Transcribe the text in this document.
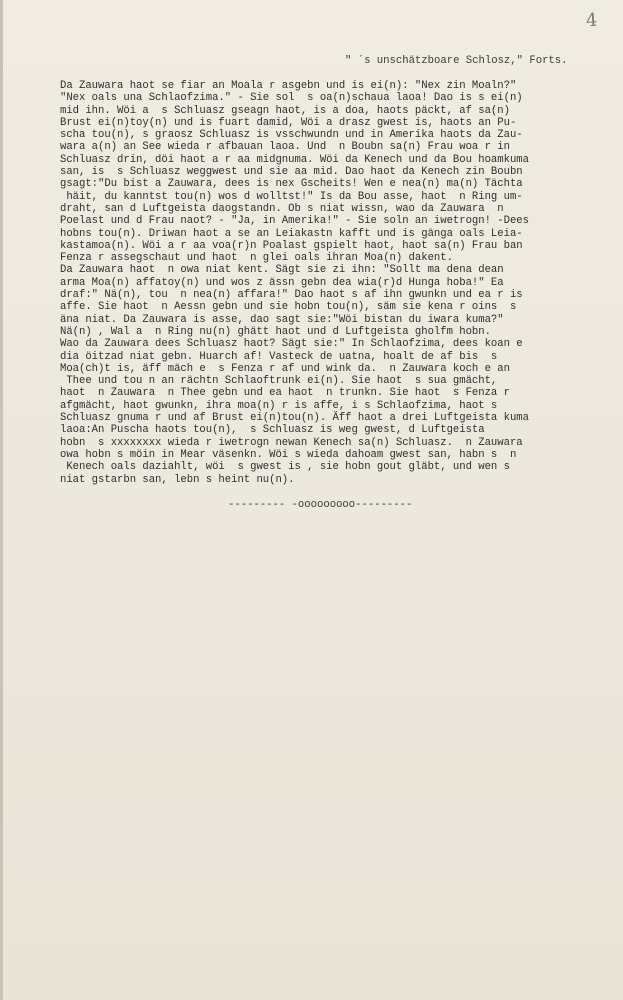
4
" ´s unschätzboare Schlosz," Forts.
Da Zauwara haot se fiar an Moala r asgebn und is ei(n): "Nex zin Moaln?"
"Nex oals una Schlaofzima." - Sie sol  s oa(n)schaua laoa! Dao is s ei(n)
mid ihn. Wöi a  s Schluasz gseagn haot, is a doa, haots päckt, af sa(n)
Brust ei(n)toy(n) und is fuart damid, Wöi a drasz gwest is, haots an Pu-
scha tou(n), s graosz Schluasz is vsschwundn und in Amerika haots da Zau-
wara a(n) an See wieda r afbauan laoa. Und  n Boubn sa(n) Frau woa r in
Schluasz drin, döi haot a r aa midgnuma. Wöi da Kenech und da Bou hoamkuma
san, is  s Schluasz weggwest und sie aa mid. Dao haot da Kenech zin Boubn
gsagt:"Du bist a Zauwara, dees is nex Gscheits! Wen e nea(n) ma(n) Tächta
häit, du kanntst tou(n) wos d wolltst!" Is da Bou asse, haot  n Ring um-
draht, san d Luftgeista daogstandn. Ob s niat wissn, wao da Zauwara  n
Poelast und d Frau naot? - "Ja, in Amerika!" - Sie soln an iwetrogn! -Dees
hobns tou(n). Driwan haot a se an Leiakastn kafft und is gänga oals Leia-
kastamoa(n). Wöi a r aa voa(r)n Poalast gspielt haot, haot sa(n) Frau ban
Fenza r assegschaut und haot  n glei oals ihran Moa(n) dakent.
Da Zauwara haot  n owa niat kent. Sägt sie zi ihn: "Sollt ma dena dean
arma Moa(n) affatoy(n) und wos z ässn gebn dea wia(r)d Hunga hoba!" Ea
draf:" Nä(n), tou  n nea(n) affara!" Dao haot s af ihn gwunkn und ea r is
affe. Sie haot  n Aessn gebn und sie hobn tou(n), säm sie kena r oins  s
äna niat. Da Zauwara is asse, dao sagt sie:"Wöi bistan du iwara kuma?"
Nä(n) , Wal a  n Ring nu(n) ghätt haot und d Luftgeista gholfm hobn.
Wao da Zauwara dees Schluasz haot? Sägt sie:" In Schlaofzima, dees koan e
dia öitzad niat gebn. Huarch af! Vasteck de uatna, hoalt de af bis  s
Moa(ch)t is, äff mäch e  s Fenza r af und wink da.  n Zauwara koch e an
Thee und tou n an rächtn Schlaoftrunk ei(n). Sie haot  s sua gmächt,
haot  n Zauwara  n Thee gebn und ea haot  n trunkn. Sie haot  s Fenza r
afgmächt, haot gwunkn, ihra moa(n) r is affe, i s Schlaofzima, haot s
Schluasz gnuma r und af Brust ei(n)tou(n). Äff haot a drei Luftgeista kuma
laoa:An Puscha haots tou(n),  s Schluasz is weg gwest, d Luftgeista
hobn  s xxxxxxxx wieda r iwetrogn newan Kenech sa(n) Schluasz.  n Zauwara
owa hobn s möin in Mear väsenkn. Wöi s wieda dahoam gwest san, habn s  n
Kenech oals daziahlt, wöi  s gwest is , sie hobn gout gläbt, und wen s
niat gstarbn san, lebn s heint nu(n).
--------- -ooooooooo---------
